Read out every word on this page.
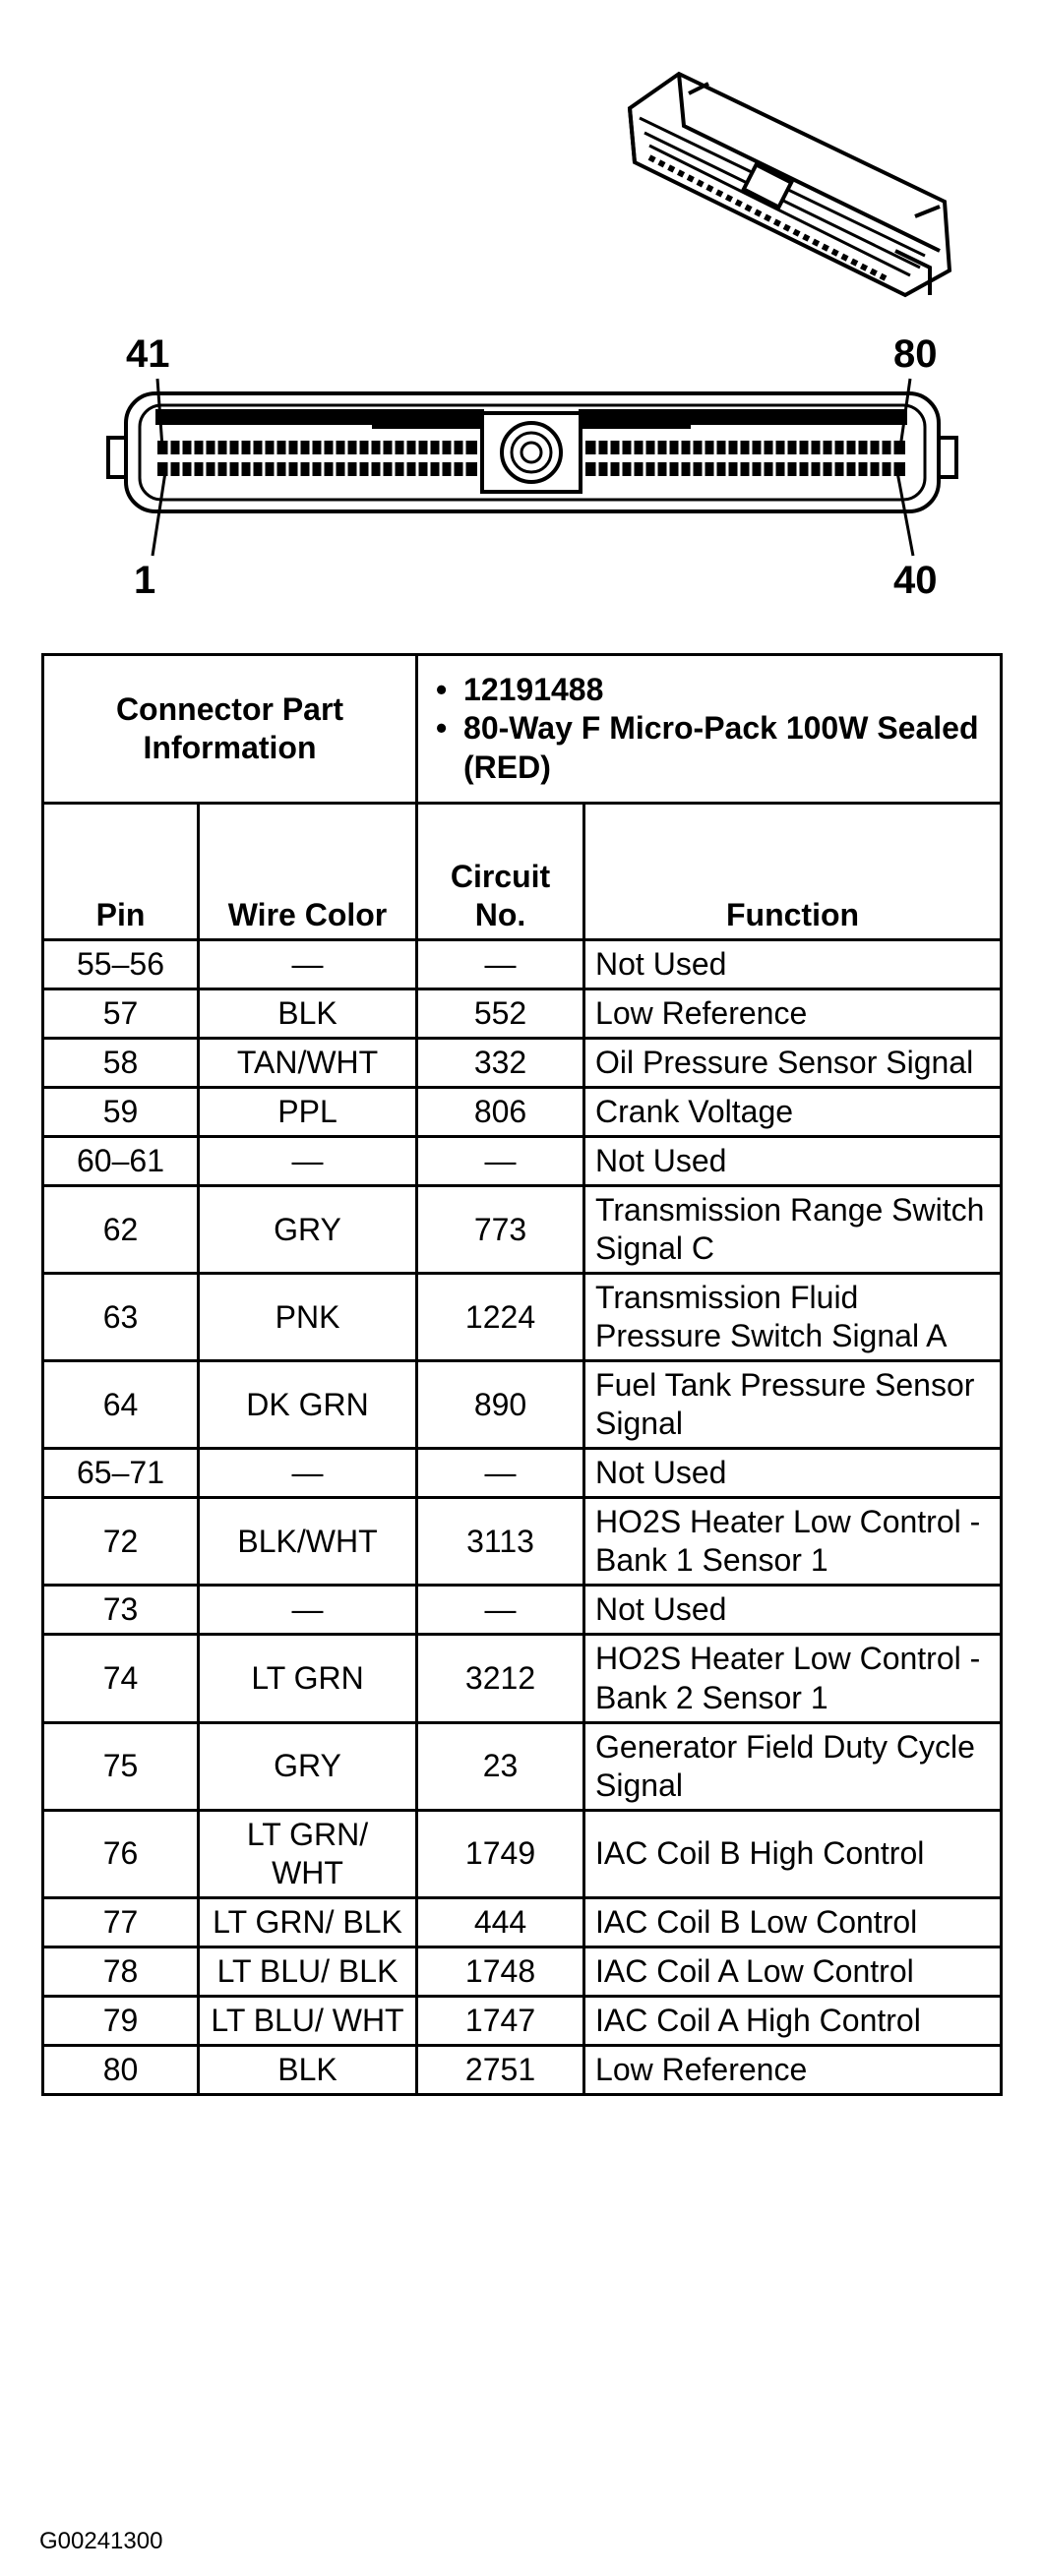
41	80
1	40
Connector Part Information		• 12191488
• 80-Way F Micro-Pack 100W Sealed (RED)	

Pin	Wire Color	Circuit No.	Function
55–56	—	—	Not Used
57	BLK	552	Low Reference
58	TAN/WHT	332	Oil Pressure Sensor Signal
59	PPL	806	Crank Voltage
60–61	—	—	Not Used
62	GRY	773	Transmission Range Switch Signal C
63	PNK	1224	Transmission Fluid Pressure Switch Signal A
64	DK GRN	890	Fuel Tank Pressure Sensor Signal
65–71	—	—	Not Used
72	BLK/WHT	3113	HO2S Heater Low Control - Bank 1 Sensor 1
73	—	—	Not Used
74	LT GRN	3212	HO2S Heater Low Control - Bank 2 Sensor 1
75	GRY	23	Generator Field Duty Cycle Signal
76	LT GRN/ WHT	1749	IAC Coil B High Control
77	LT GRN/ BLK	444	IAC Coil B Low Control
78	LT BLU/ BLK	1748	IAC Coil A Low Control
79	LT BLU/ WHT	1747	IAC Coil A High Control
80	BLK	2751	Low Reference
G00241300
